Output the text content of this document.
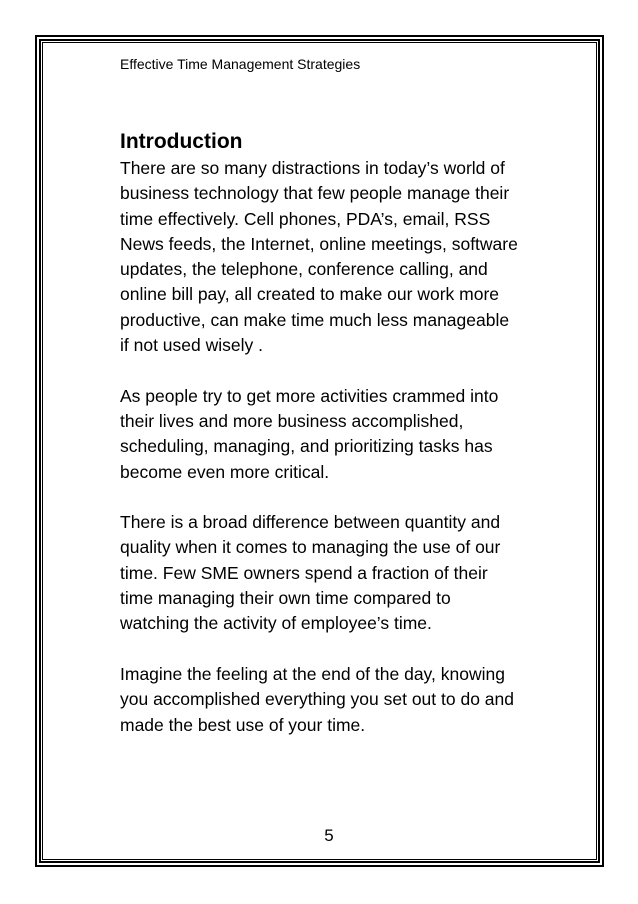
Effective Time Management Strategies
Introduction

There are so many distractions in today’s world of
business technology that few people manage their
time effectively. Cell phones, PDA’s, email, RSS
News feeds, the Internet, online meetings, software
updates, the telephone, conference calling, and
online bill pay, all created to make our work more
productive, can make time much less manageable
if not used wisely .

As people try to get more activities crammed into
their lives and more business accomplished,
scheduling, managing, and prioritizing tasks has
become even more critical.

There is a broad difference between quantity and
quality when it comes to managing the use of our
time. Few SME owners spend a fraction of their
time managing their own time compared to
watching the activity of employee’s time.

Imagine the feeling at the end of the day, knowing
you accomplished everything you set out to do and
made the best use of your time.

5
